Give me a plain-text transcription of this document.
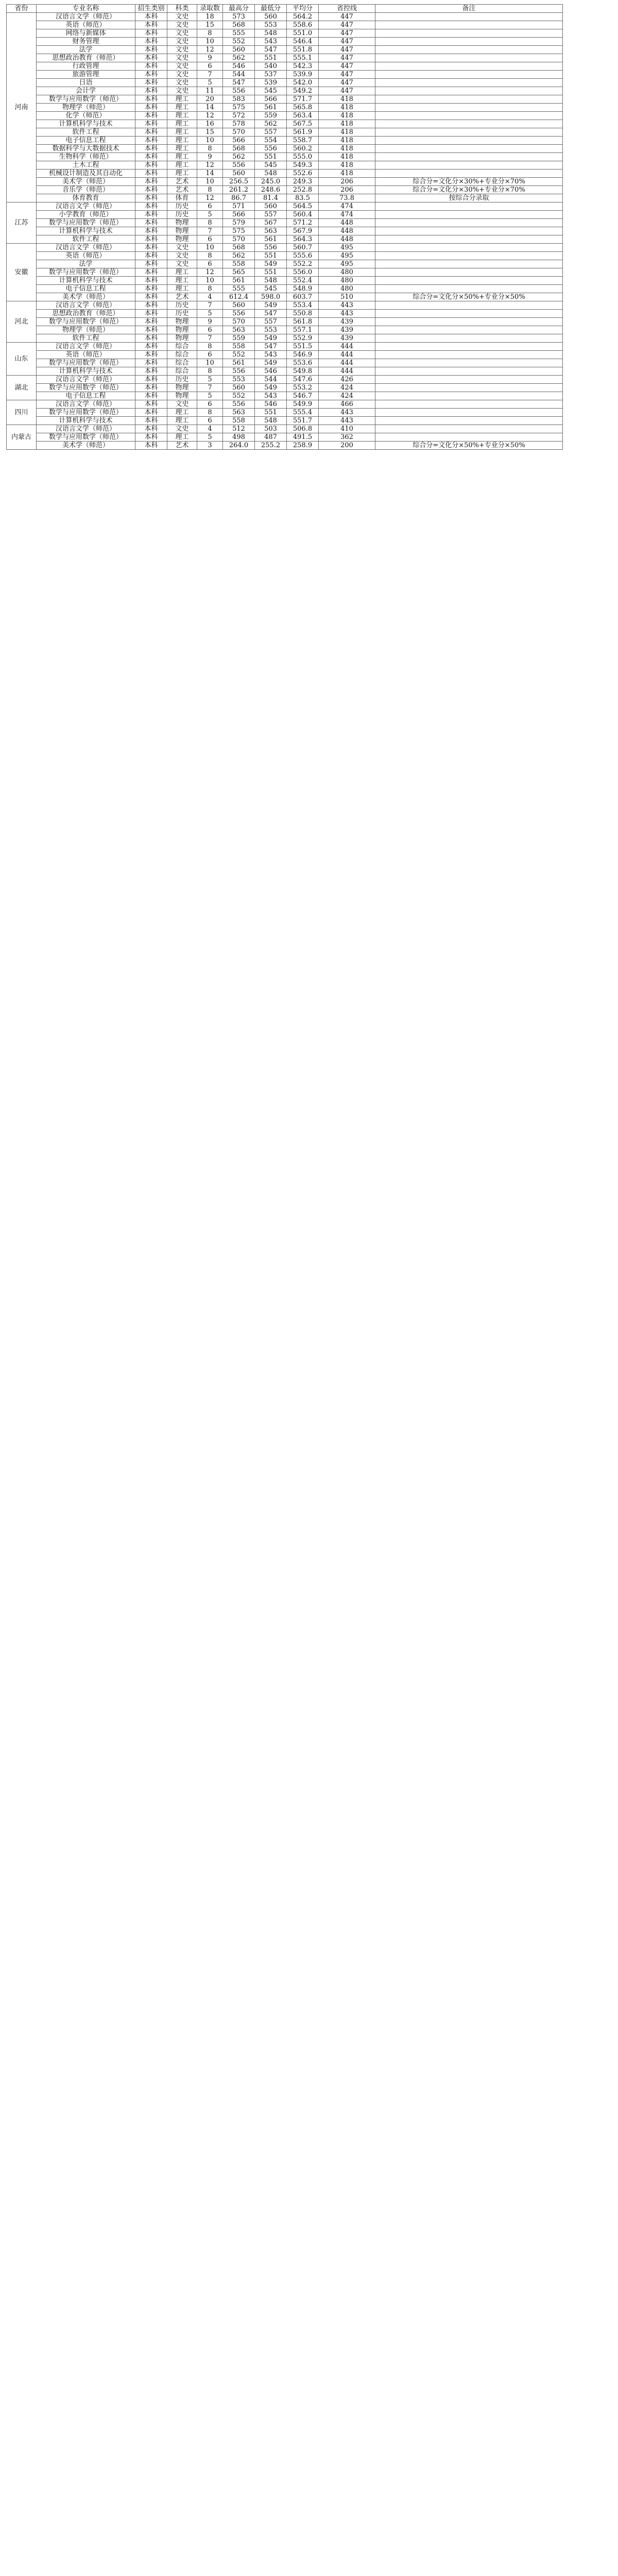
省份	专业名称	招生类别	科类	录取数	最高分	最低分	平均分	省控线	备注
河南	汉语言文学（师范）	本科	文史	18	573	560	564.2	447	
	英语（师范）	本科	文史	15	568	553	558.6	447	
	网络与新媒体	本科	文史	8	555	548	551.0	447	
	财务管理	本科	文史	10	552	543	546.4	447	
	法学	本科	文史	12	560	547	551.8	447	
	思想政治教育（师范）	本科	文史	9	562	551	555.1	447	
	行政管理	本科	文史	6	546	540	542.3	447	
	旅游管理	本科	文史	7	544	537	539.9	447	
	日语	本科	文史	5	547	539	542.0	447	
	会计学	本科	文史	11	556	545	549.2	447	
	数学与应用数学（师范）	本科	理工	20	583	566	571.7	418	
	物理学（师范）	本科	理工	14	575	561	565.8	418	
	化学（师范）	本科	理工	12	572	559	563.4	418	
	计算机科学与技术	本科	理工	16	578	562	567.5	418	
	软件工程	本科	理工	15	570	557	561.9	418	
	电子信息工程	本科	理工	10	566	554	558.7	418	
	数据科学与大数据技术	本科	理工	8	568	556	560.2	418	
	生物科学（师范）	本科	理工	9	562	551	555.0	418	
	土木工程	本科	理工	12	556	545	549.3	418	
	机械设计制造及其自动化	本科	理工	14	560	548	552.6	418	
	美术学（师范）	本科	艺术	10	256.5	245.0	249.3	206	综合分=文化分×30%+专业分×70%
	音乐学（师范）	本科	艺术	8	261.2	248.6	252.8	206	综合分=文化分×30%+专业分×70%
	体育教育	本科	体育	12	86.7	81.4	83.5	73.8	按综合分录取
江苏	汉语言文学（师范）	本科	历史	6	571	560	564.5	474	
	小学教育（师范）	本科	历史	5	566	557	560.4	474	
	数学与应用数学（师范）	本科	物理	8	579	567	571.2	448	
	计算机科学与技术	本科	物理	7	575	563	567.9	448	
	软件工程	本科	物理	6	570	561	564.3	448	
安徽	汉语言文学（师范）	本科	文史	10	568	556	560.7	495	
	英语（师范）	本科	文史	8	562	551	555.6	495	
	法学	本科	文史	6	558	549	552.2	495	
	数学与应用数学（师范）	本科	理工	12	565	551	556.0	480	
	计算机科学与技术	本科	理工	10	561	548	552.4	480	
	电子信息工程	本科	理工	8	555	545	548.9	480	
	美术学（师范）	本科	艺术	4	612.4	598.0	603.7	510	综合分=文化分×50%+专业分×50%
河北	汉语言文学（师范）	本科	历史	7	560	549	553.4	443	
	思想政治教育（师范）	本科	历史	5	556	547	550.8	443	
	数学与应用数学（师范）	本科	物理	9	570	557	561.8	439	
	物理学（师范）	本科	物理	6	563	553	557.1	439	
	软件工程	本科	物理	7	559	549	552.9	439	
山东	汉语言文学（师范）	本科	综合	8	558	547	551.5	444	
	英语（师范）	本科	综合	6	552	543	546.9	444	
	数学与应用数学（师范）	本科	综合	10	561	549	553.6	444	
	计算机科学与技术	本科	综合	8	556	546	549.8	444	
湖北	汉语言文学（师范）	本科	历史	5	553	544	547.6	426	
	数学与应用数学（师范）	本科	物理	7	560	549	553.2	424	
	电子信息工程	本科	物理	5	552	543	546.7	424	
四川	汉语言文学（师范）	本科	文史	6	556	546	549.9	466	
	数学与应用数学（师范）	本科	理工	8	563	551	555.4	443	
	计算机科学与技术	本科	理工	6	558	548	551.7	443	
内蒙古	汉语言文学（师范）	本科	文史	4	512	503	506.8	410	
	数学与应用数学（师范）	本科	理工	5	498	487	491.5	362	
	美术学（师范）	本科	艺术	3	264.0	255.2	258.9	200	综合分=文化分×50%+专业分×50%
